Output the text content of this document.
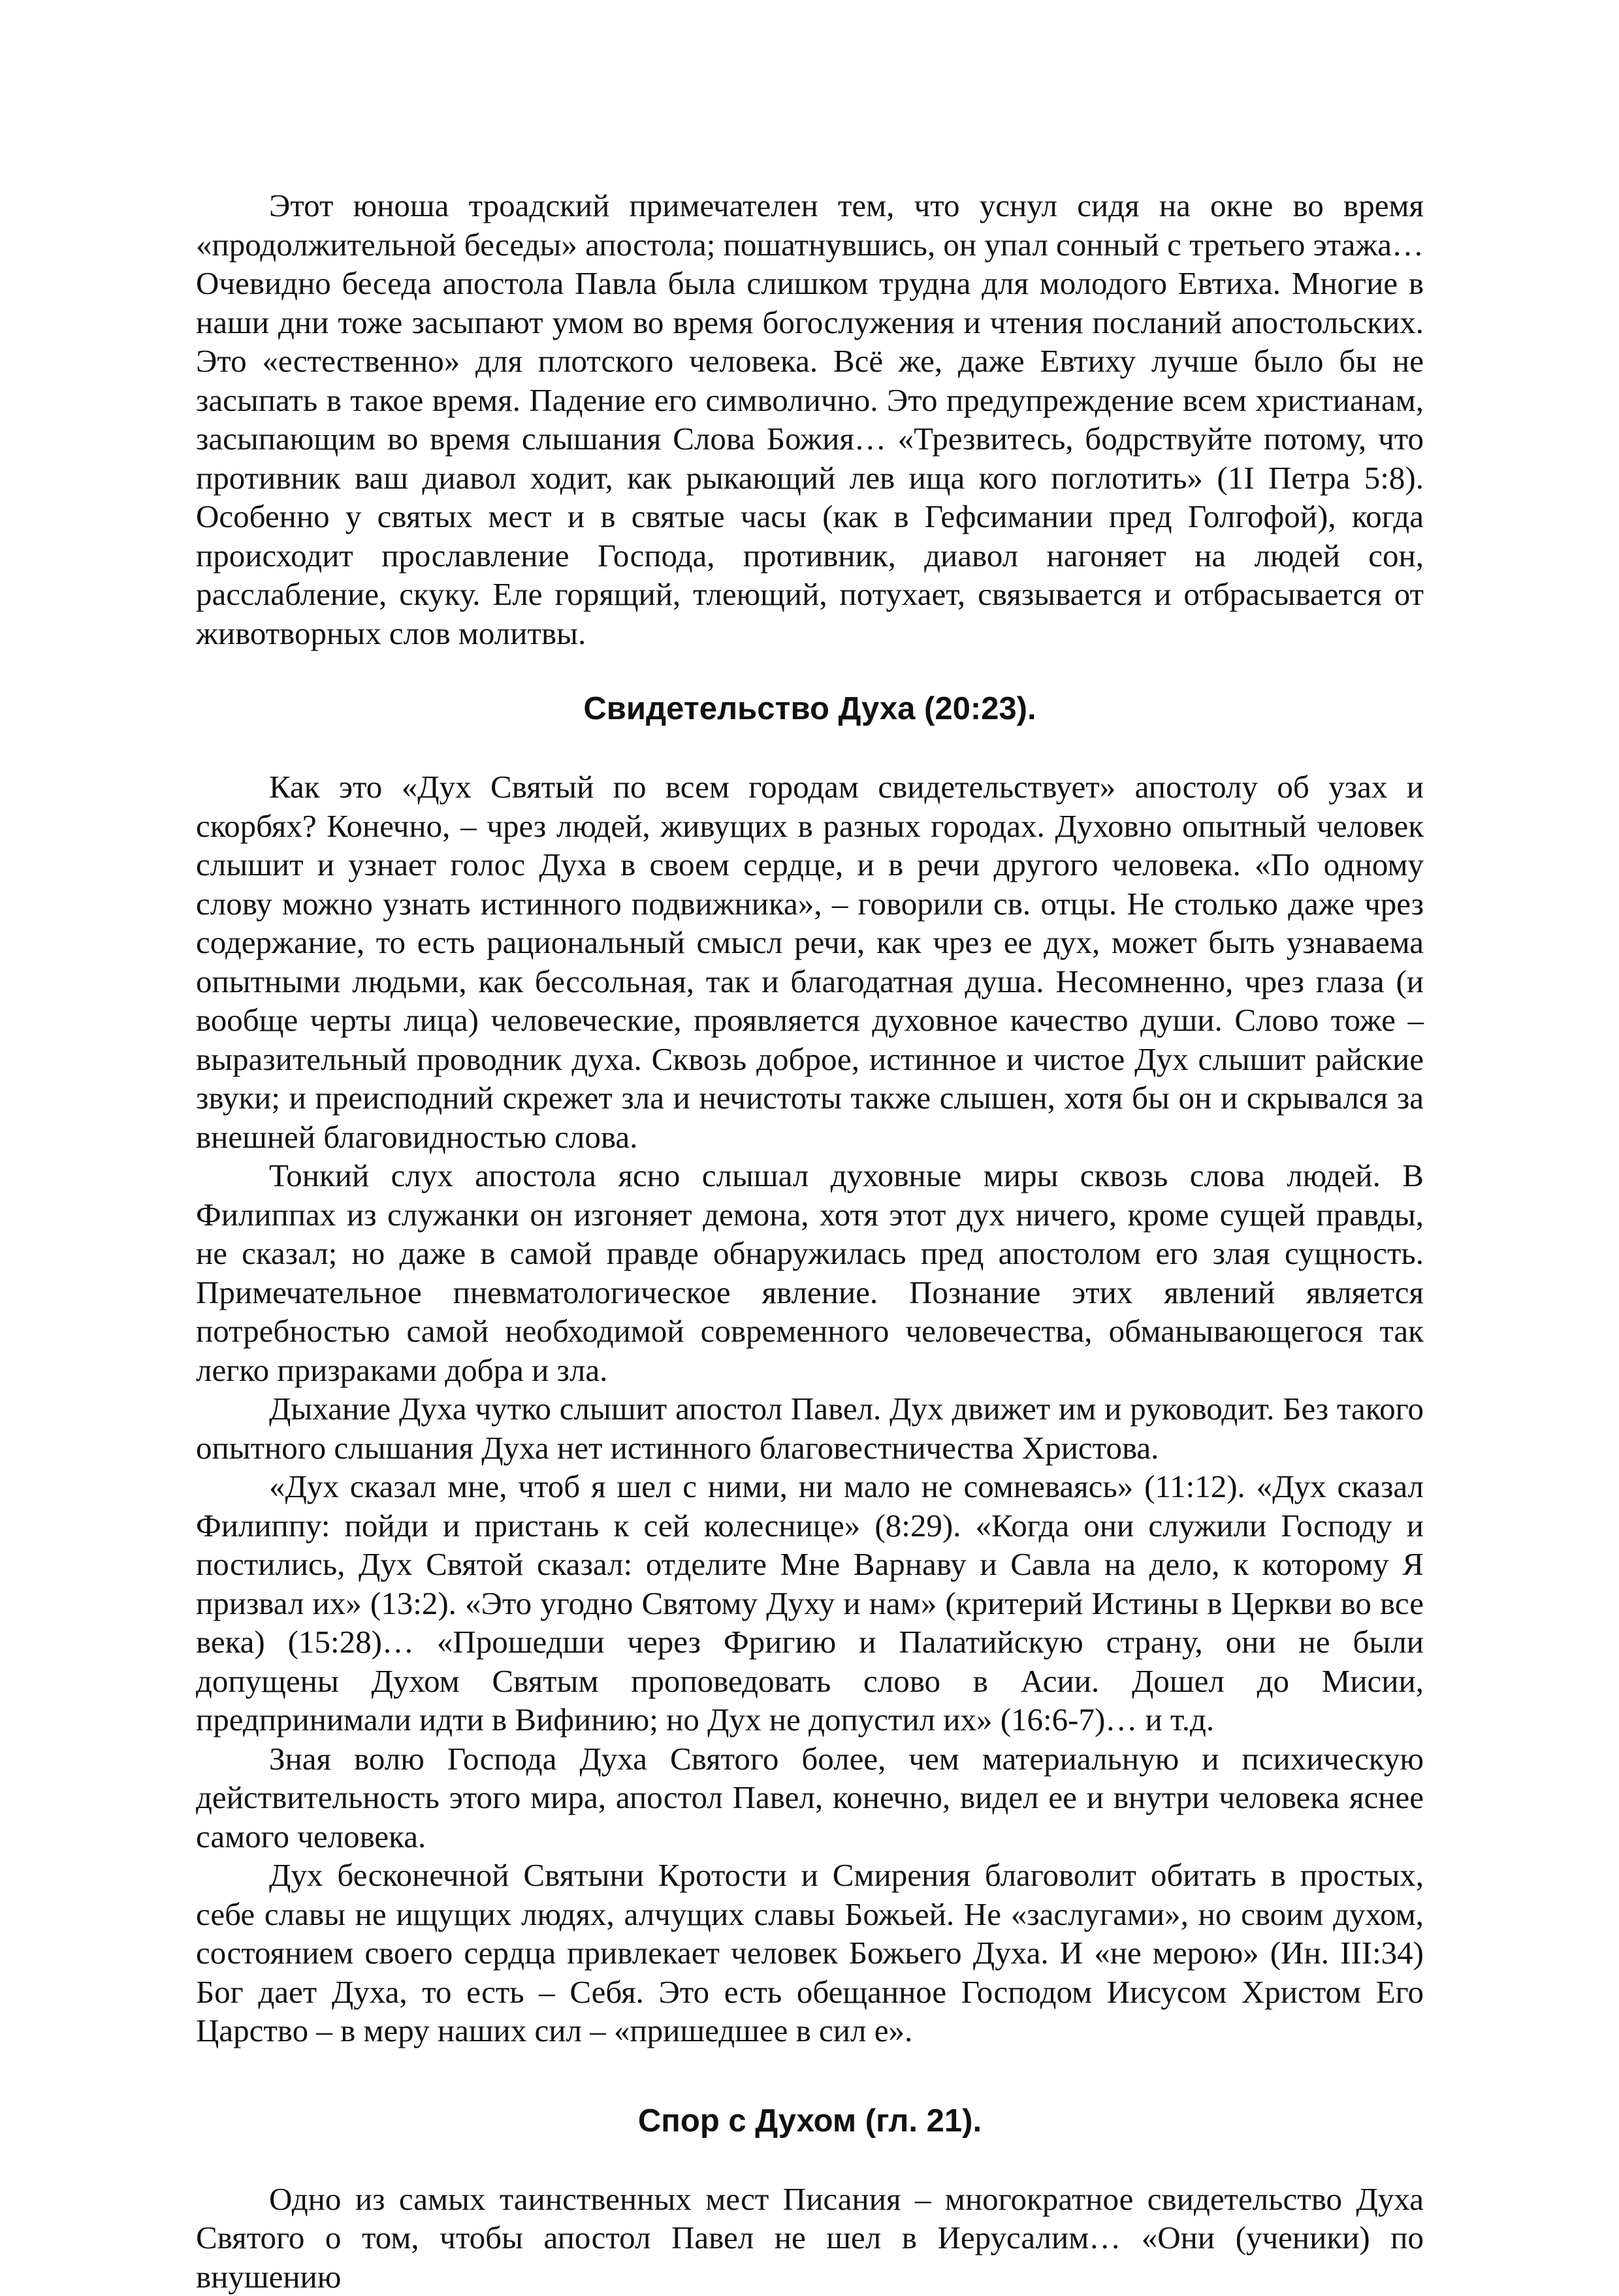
Этот юноша троадский примечателен тем, что уснул сидя на окне во время «продолжительной беседы» апостола; пошатнувшись, он упал сонный с третьего этажа… Очевидно беседа апостола Павла была слишком трудна для молодого Евтиха. Многие в наши дни тоже засыпают умом во время богослужения и чтения посланий апостольских. Это «естественно» для плотского человека. Всё же, даже Евтиху лучше было бы не засыпать в такое время. Падение его символично. Это предупреждение всем христианам, засыпающим во время слышания Слова Божия… «Трезвитесь, бодрствуйте потому, что противник ваш диавол ходит, как рыкающий лев ища кого поглотить» (1I Петра 5:8). Особенно у святых мест и в святые часы (как в Гефсимании пред Голгофой), когда происходит прославление Господа, противник, диавол нагоняет на людей сон, расслабление, скуку. Еле горящий, тлеющий, потухает, связывается и отбрасывается от животворных слов молитвы.

Свидетельство Духа (20:23).

Как это «Дух Святый по всем городам свидетельствует» апостолу об узах и скорбях? Конечно, – чрез людей, живущих в разных городах. Духовно опытный человек слышит и узнает голос Духа в своем сердце, и в речи другого человека. «По одному слову можно узнать истинного подвижника», – говорили св. отцы. Не столько даже чрез содержание, то есть рациональный смысл речи, как чрез ее дух, может быть узнаваема опытными людьми, как бессольная, так и благодатная душа. Несомненно, чрез глаза (и вообще черты лица) человеческие, проявляется духовное качество души. Слово тоже – выразительный проводник духа. Сквозь доброе, истинное и чистое Дух слышит райские звуки; и преисподний скрежет зла и нечистоты также слышен, хотя бы он и скрывался за внешней благовидностью слова.

Тонкий слух апостола ясно слышал духовные миры сквозь слова людей. В Филиппах из служанки он изгоняет демона, хотя этот дух ничего, кроме сущей правды, не сказал; но даже в самой правде обнаружилась пред апостолом его злая сущность. Примечательное пневматологическое явление. Познание этих явлений является потребностью самой необходимой современного человечества, обманывающегося так легко призраками добра и зла.

Дыхание Духа чутко слышит апостол Павел. Дух движет им и руководит. Без такого опытного слышания Духа нет истинного благовестничества Христова.

«Дух сказал мне, чтоб я шел с ними, ни мало не сомневаясь» (11:12). «Дух сказал Филиппу: пойди и пристань к сей колеснице» (8:29). «Когда они служили Господу и постились, Дух Святой сказал: отделите Мне Варнаву и Савла на дело, к которому Я призвал их» (13:2). «Это угодно Святому Духу и нам» (критерий Истины в Церкви во все века) (15:28)… «Прошедши через Фригию и Палатийскую страну, они не были допущены Духом Святым проповедовать слово в Асии. Дошел до Мисии, предпринимали идти в Вифинию; но Дух не допустил их» (16:6-7)… и т.д.

Зная волю Господа Духа Святого более, чем материальную и психическую действительность этого мира, апостол Павел, конечно, видел ее и внутри человека яснее самого человека.

Дух бесконечной Святыни Кротости и Смирения благоволит обитать в простых, себе славы не ищущих людях, алчущих славы Божьей. Не «заслугами», но своим духом, состоянием своего сердца привлекает человек Божьего Духа. И «не мерою» (Ин. III:34) Бог дает Духа, то есть – Себя. Это есть обещанное Господом Иисусом Христом Его Царство – в меру наших сил – «пришедшее в сил е».

Спор с Духом (гл. 21).

Одно из самых таинственных мест Писания – многократное свидетельство Духа Святого о том, чтобы апостол Павел не шел в Иерусалим… «Они (ученики) по внушению
